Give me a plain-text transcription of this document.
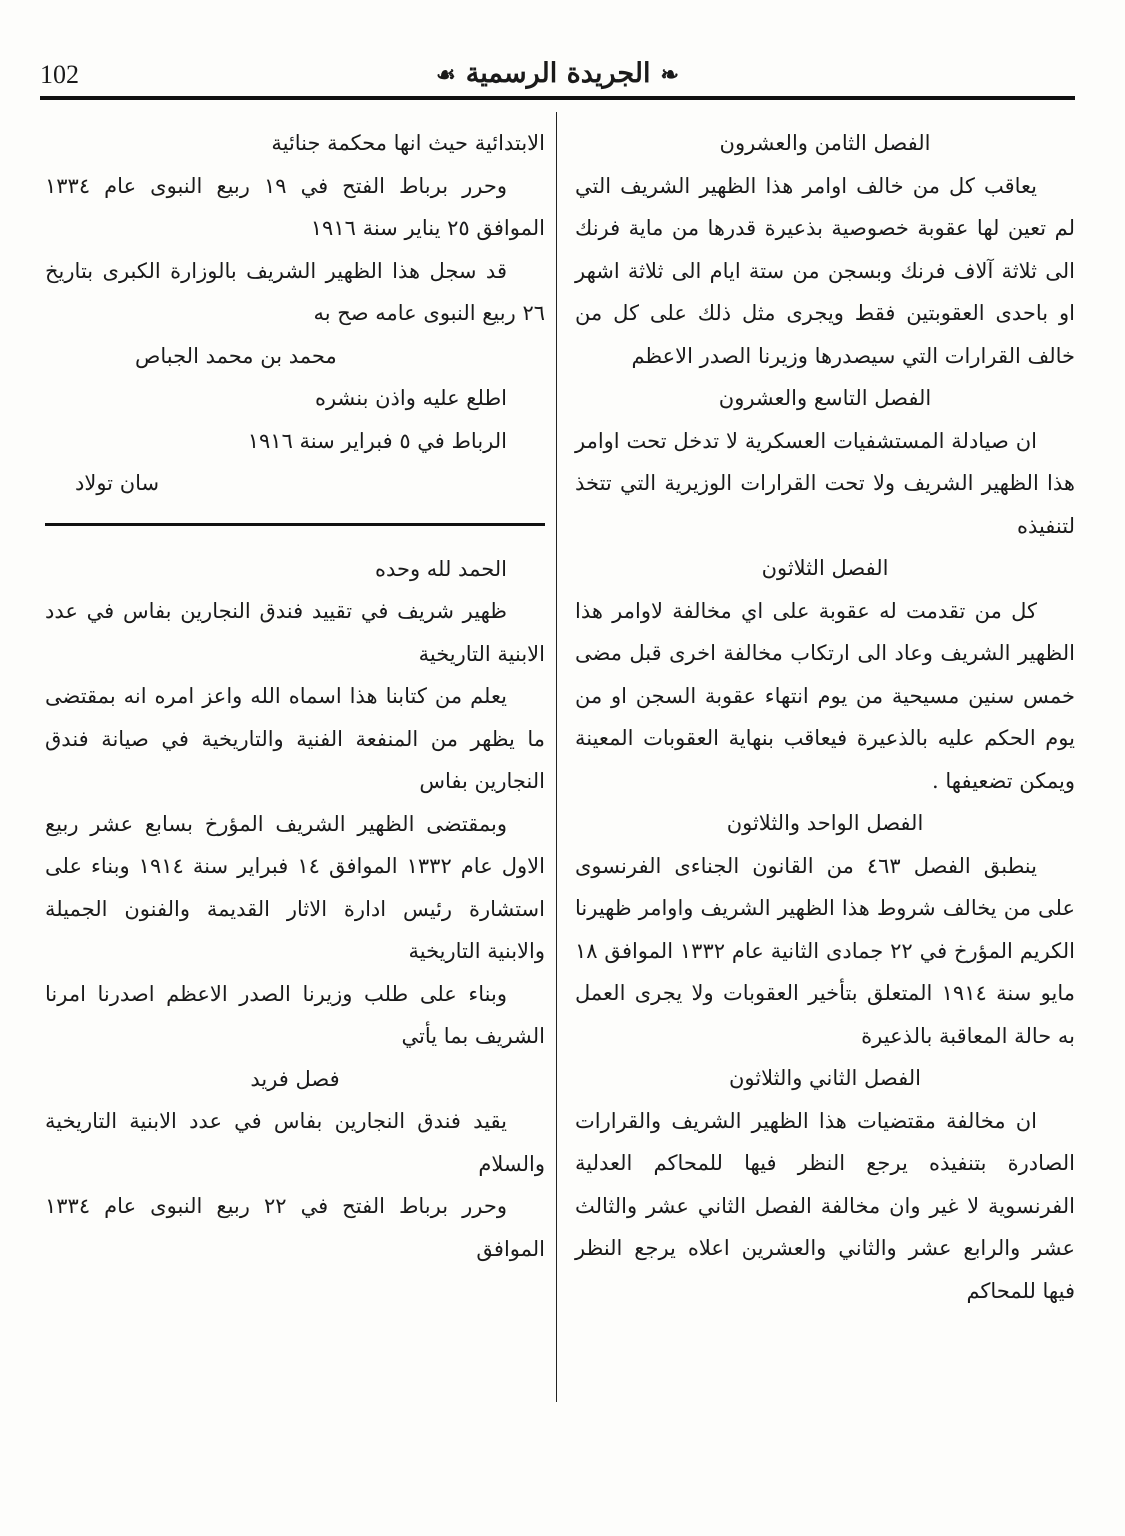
102	❧الجريدة الرسمية☙

الفصل الثامن والعشرون

يعاقب كل من خالف اوامر هذا الظهير الشريف التي لم تعين لها عقوبة خصوصية بذعيرة قدرها من ماية فرنك الى ثلاثة آلاف فرنك وبسجن من ستة ايام الى ثلاثة اشهر او باحدى العقوبتين فقط ويجرى مثل ذلك على كل من خالف القرارات التي سيصدرها وزيرنا الصدر الاعظم

الفصل التاسع والعشرون

ان صيادلة المستشفيات العسكرية لا تدخل تحت اوامر هذا الظهير الشريف ولا تحت القرارات الوزيرية التي تتخذ لتنفيذه

الفصل الثلاثون

كل من تقدمت له عقوبة على اي مخالفة لاوامر هذا الظهير الشريف وعاد الى ارتكاب مخالفة اخرى قبل مضى خمس سنين مسيحية من يوم انتهاء عقوبة السجن او من يوم الحكم عليه بالذعيرة فيعاقب بنهاية العقوبات المعينة ويمكن تضعيفها .

الفصل الواحد والثلاثون

ينطبق الفصل ٤٦٣ من القانون الجناءى الفرنسوى على من يخالف شروط هذا الظهير الشريف واوامر ظهيرنا الكريم المؤرخ في ٢٢ جمادى الثانية عام ١٣٣٢ الموافق ١٨ مايو سنة ١٩١٤ المتعلق بتأخير العقوبات ولا يجرى العمل به حالة المعاقبة بالذعيرة

الفصل الثاني والثلاثون

ان مخالفة مقتضيات هذا الظهير الشريف والقرارات الصادرة بتنفيذه يرجع النظر فيها للمحاكم العدلية الفرنسوية لا غير وان مخالفة الفصل الثاني عشر والثالث عشر والرابع عشر والثاني والعشرين اعلاه يرجع النظر فيها للمحاكم

الابتدائية حيث انها محكمة جنائية

وحرر برباط الفتح في ١٩ ربيع النبوى عام ١٣٣٤ الموافق ٢٥ يناير سنة ١٩١٦

قد سجل هذا الظهير الشريف بالوزارة الكبرى بتاريخ ٢٦ ربيع النبوى عامه صح به

محمد بن محمد الجباص

اطلع عليه واذن بنشره

الرباط في ٥ فبراير سنة ١٩١٦

سان تولاد

الحمد لله وحده

ظهير شريف في تقييد فندق النجارين بفاس في عدد الابنية التاريخية

يعلم من كتابنا هذا اسماه الله واعز امره انه بمقتضى ما يظهر من المنفعة الفنية والتاريخية في صيانة فندق النجارين بفاس

وبمقتضى الظهير الشريف المؤرخ بسابع عشر ربيع الاول عام ١٣٣٢ الموافق ١٤ فبراير سنة ١٩١٤ وبناء على استشارة رئيس ادارة الاثار القديمة والفنون الجميلة والابنية التاريخية

وبناء على طلب وزيرنا الصدر الاعظم اصدرنا امرنا الشريف بما يأتي

فصل فريد

يقيد فندق النجارين بفاس في عدد الابنية التاريخية والسلام

وحرر برباط الفتح في ٢٢ ربيع النبوى عام ١٣٣٤ الموافق
